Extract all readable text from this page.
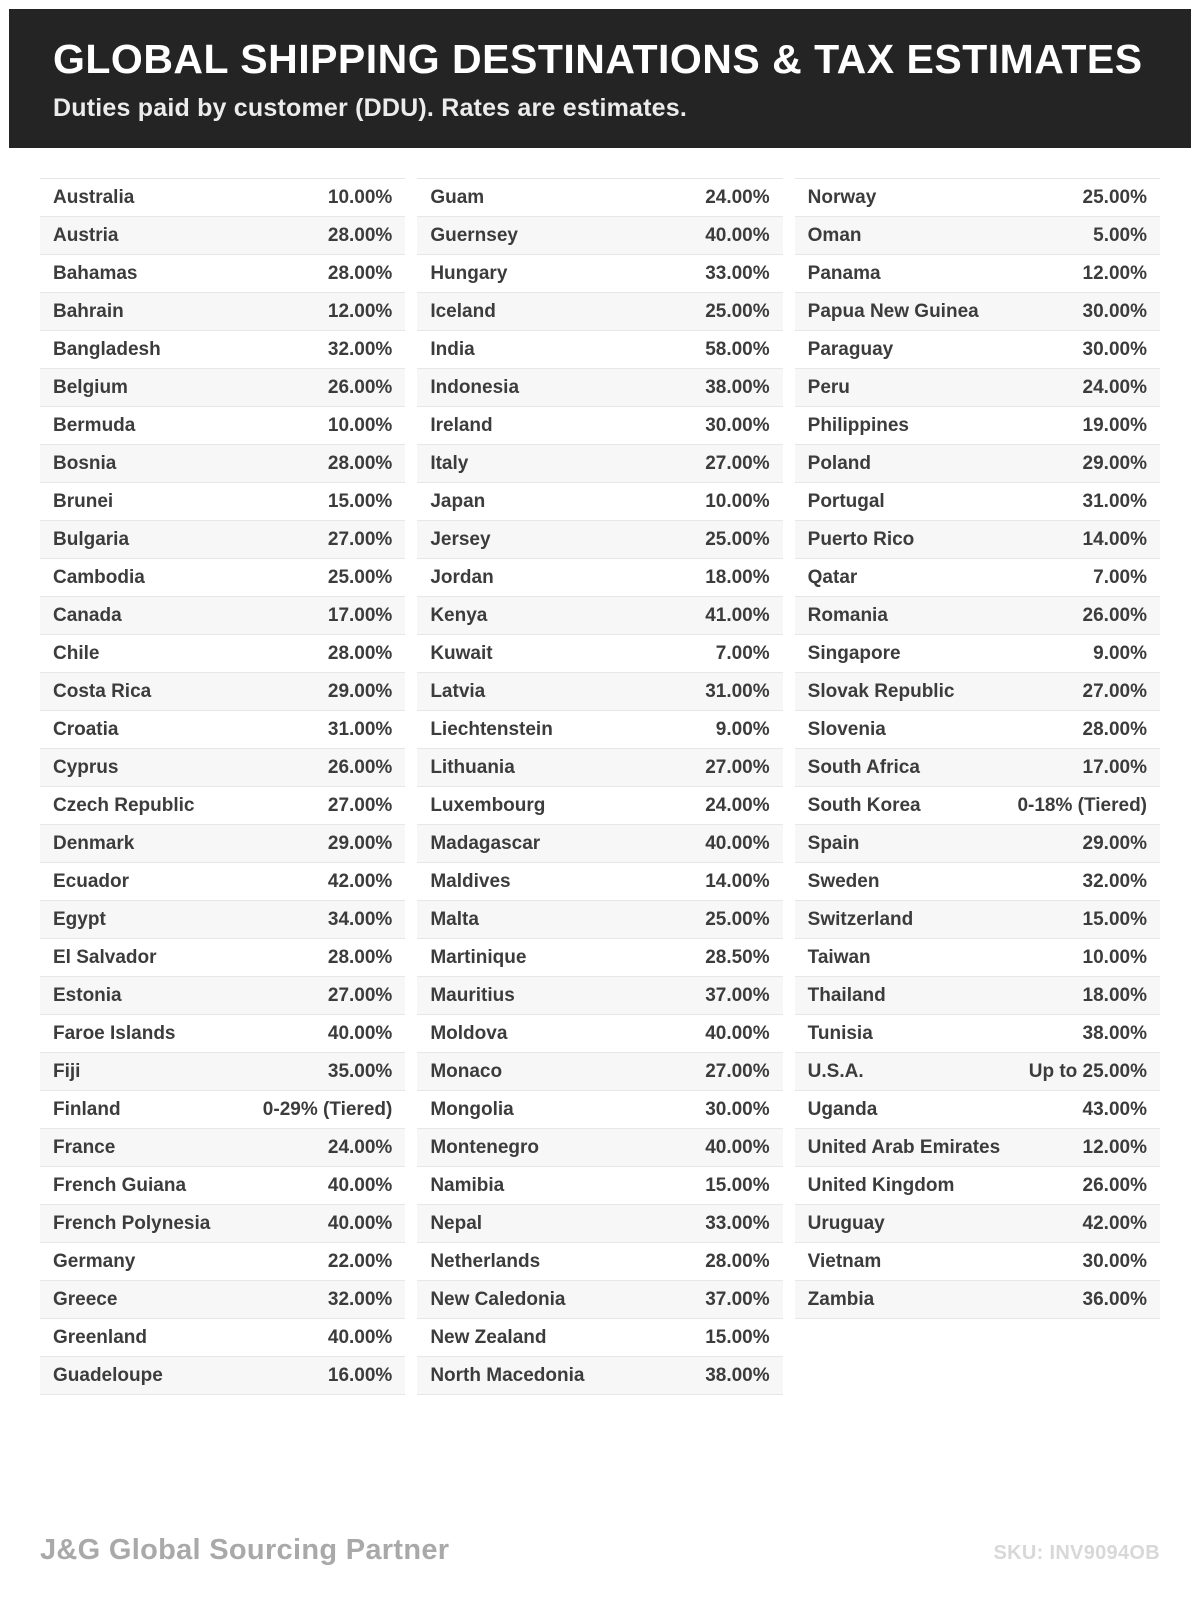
GLOBAL SHIPPING DESTINATIONS & TAX ESTIMATES

Duties paid by customer (DDU). Rates are estimates.

Australia	10.00%
Austria	28.00%
Bahamas	28.00%
Bahrain	12.00%
Bangladesh	32.00%
Belgium	26.00%
Bermuda	10.00%
Bosnia	28.00%
Brunei	15.00%
Bulgaria	27.00%
Cambodia	25.00%
Canada	17.00%
Chile	28.00%
Costa Rica	29.00%
Croatia	31.00%
Cyprus	26.00%
Czech Republic	27.00%
Denmark	29.00%
Ecuador	42.00%
Egypt	34.00%
El Salvador	28.00%
Estonia	27.00%
Faroe Islands	40.00%
Fiji	35.00%
Finland	0-29% (Tiered)
France	24.00%
French Guiana	40.00%
French Polynesia	40.00%
Germany	22.00%
Greece	32.00%
Greenland	40.00%
Guadeloupe	16.00%
Guam	24.00%
Guernsey	40.00%
Hungary	33.00%
Iceland	25.00%
India	58.00%
Indonesia	38.00%
Ireland	30.00%
Italy	27.00%
Japan	10.00%
Jersey	25.00%
Jordan	18.00%
Kenya	41.00%
Kuwait	7.00%
Latvia	31.00%
Liechtenstein	9.00%
Lithuania	27.00%
Luxembourg	24.00%
Madagascar	40.00%
Maldives	14.00%
Malta	25.00%
Martinique	28.50%
Mauritius	37.00%
Moldova	40.00%
Monaco	27.00%
Mongolia	30.00%
Montenegro	40.00%
Namibia	15.00%
Nepal	33.00%
Netherlands	28.00%
New Caledonia	37.00%
New Zealand	15.00%
North Macedonia	38.00%
Norway	25.00%
Oman	5.00%
Panama	12.00%
Papua New Guinea	30.00%
Paraguay	30.00%
Peru	24.00%
Philippines	19.00%
Poland	29.00%
Portugal	31.00%
Puerto Rico	14.00%
Qatar	7.00%
Romania	26.00%
Singapore	9.00%
Slovak Republic	27.00%
Slovenia	28.00%
South Africa	17.00%
South Korea	0-18% (Tiered)
Spain	29.00%
Sweden	32.00%
Switzerland	15.00%
Taiwan	10.00%
Thailand	18.00%
Tunisia	38.00%
U.S.A.	Up to 25.00%
Uganda	43.00%
United Arab Emirates	12.00%
United Kingdom	26.00%
Uruguay	42.00%
Vietnam	30.00%
Zambia	36.00%
J&G Global Sourcing Partner	SKU: INV9094OB
